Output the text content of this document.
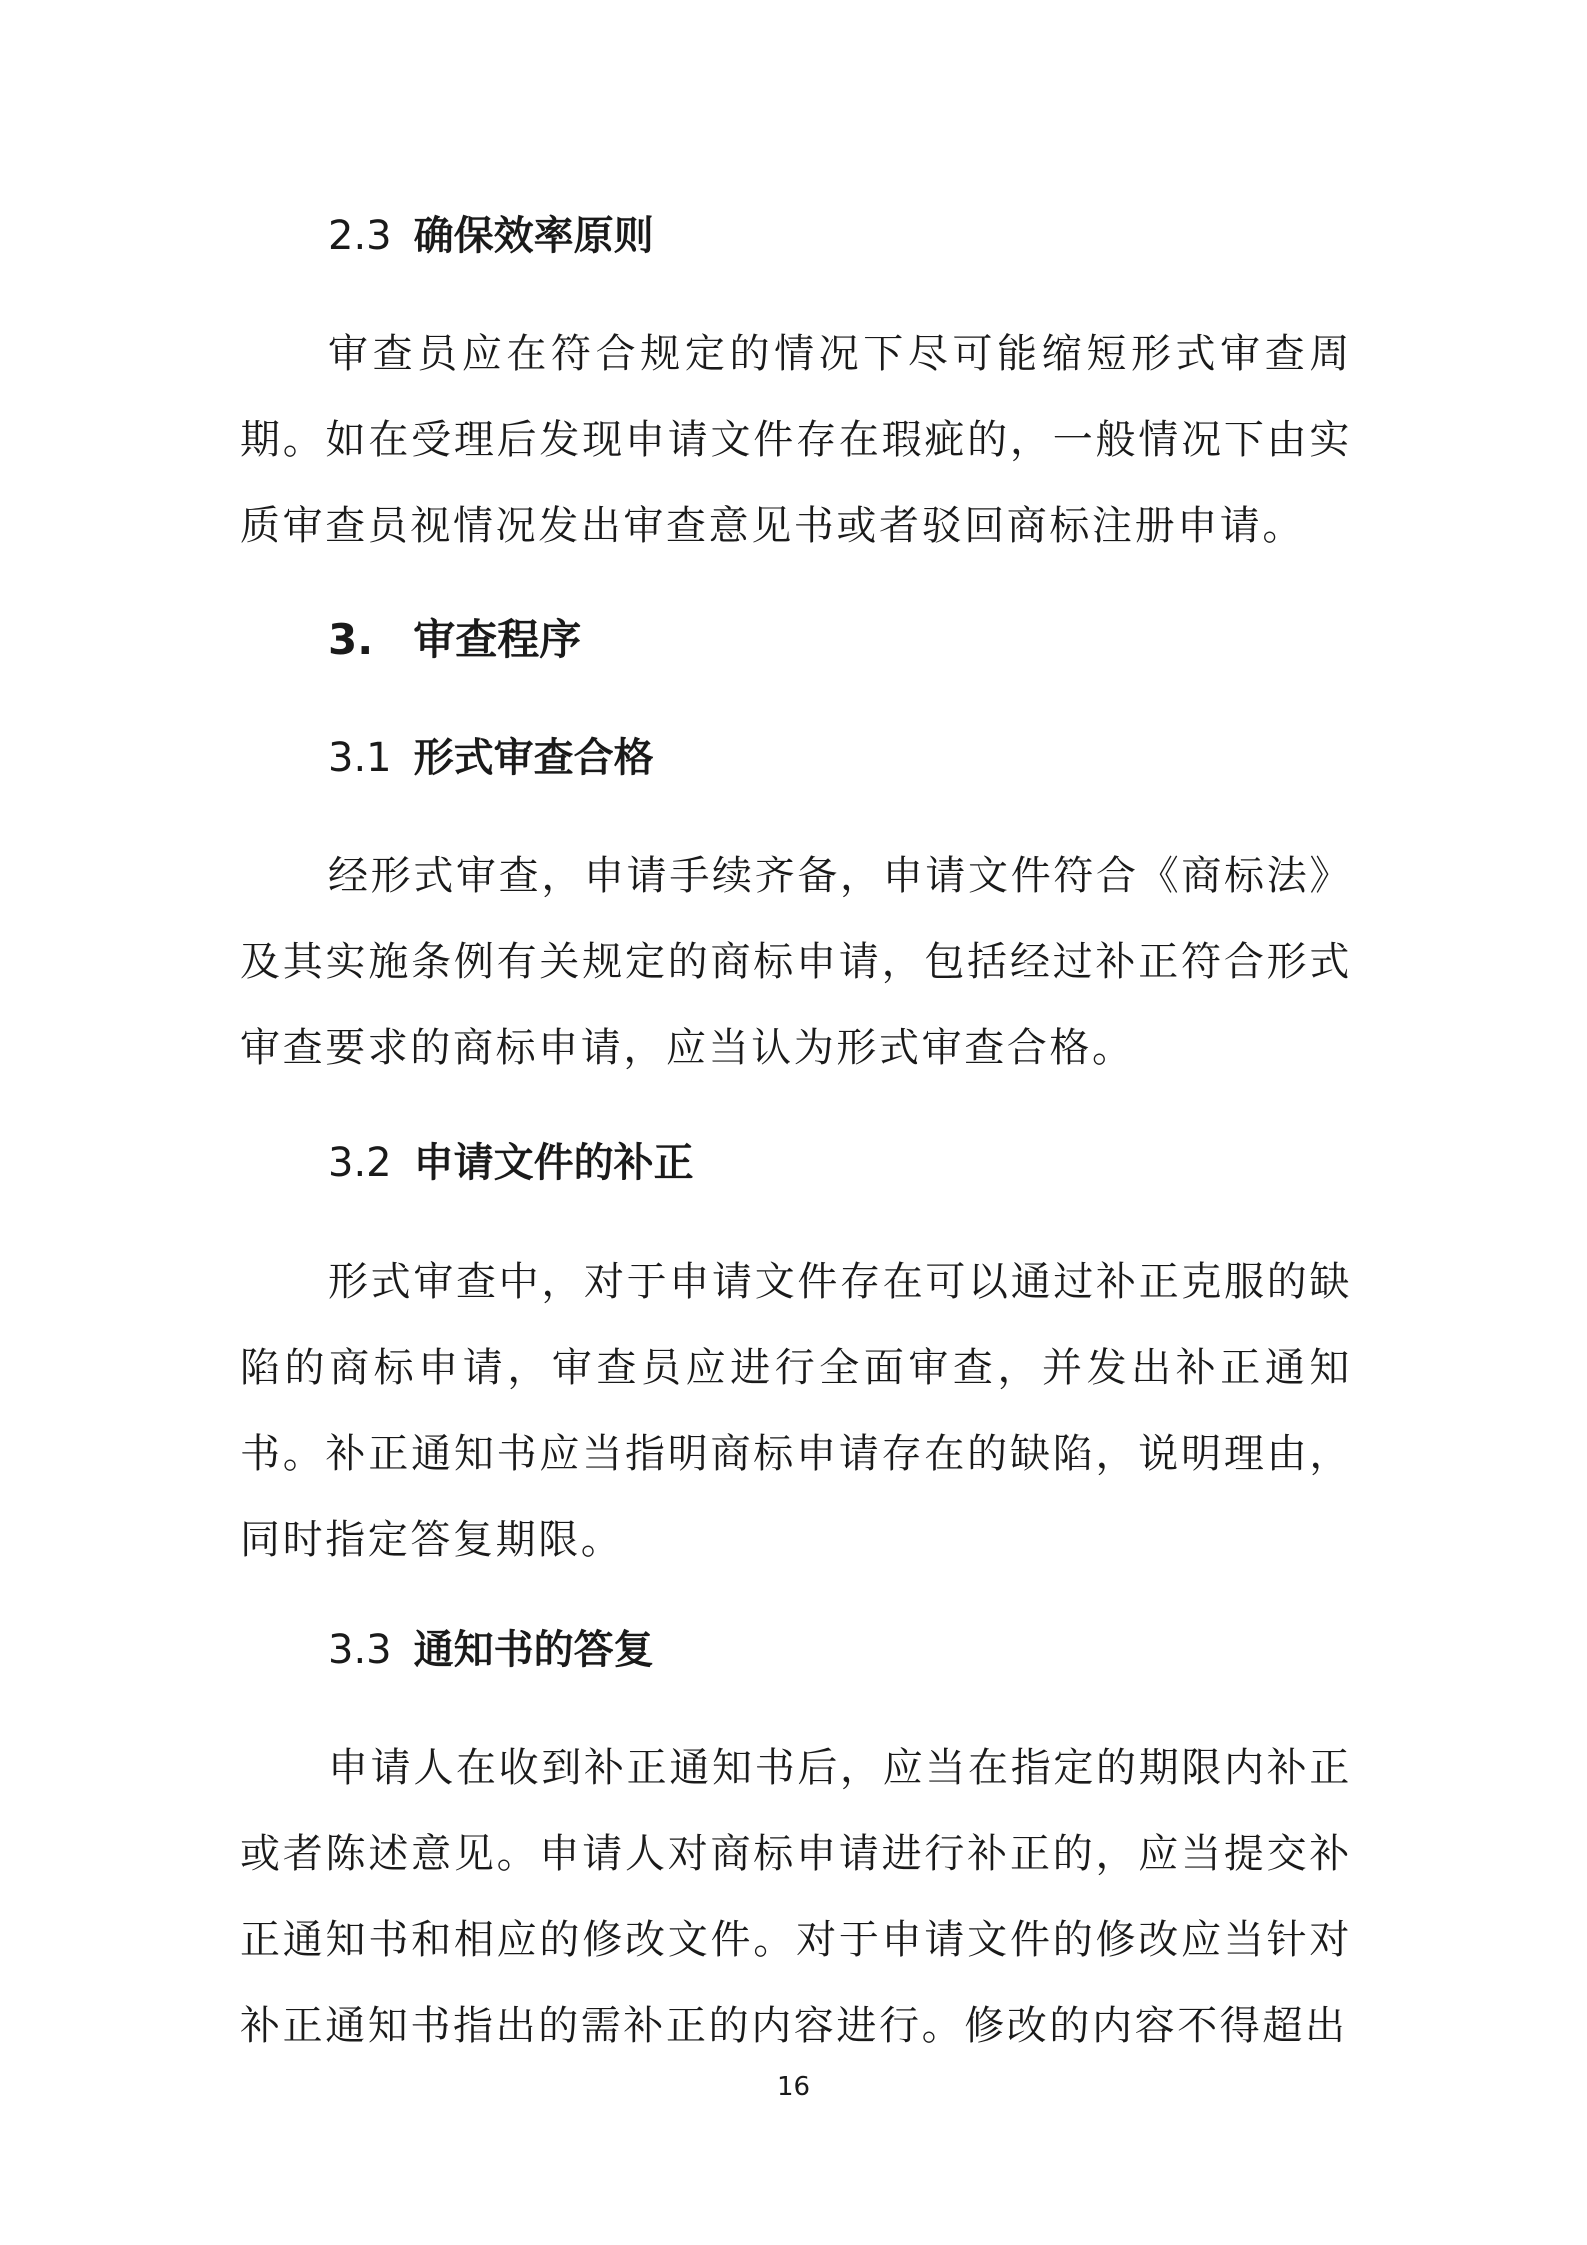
2.3 确保效率原则

审查员应在符合规定的情况下尽可能缩短形式审查周期。如在受理后发现申请文件存在瑕疵的，一般情况下由实质审查员视情况发出审查意见书或者驳回商标注册申请。

3. 审查程序
3.1 形式审查合格

经形式审查，申请手续齐备，申请文件符合《商标法》及其实施条例有关规定的商标申请，包括经过补正符合形式审查要求的商标申请，应当认为形式审查合格。

3.2 申请文件的补正

形式审查中，对于申请文件存在可以通过补正克服的缺陷的商标申请，审查员应进行全面审查，并发出补正通知书。补正通知书应当指明商标申请存在的缺陷，说明理由，同时指定答复期限。

3.3 通知书的答复

申请人在收到补正通知书后，应当在指定的期限内补正或者陈述意见。申请人对商标申请进行补正的，应当提交补正通知书和相应的修改文件。对于申请文件的修改应当针对补正通知书指出的需补正的内容进行。修改的内容不得超出

16
